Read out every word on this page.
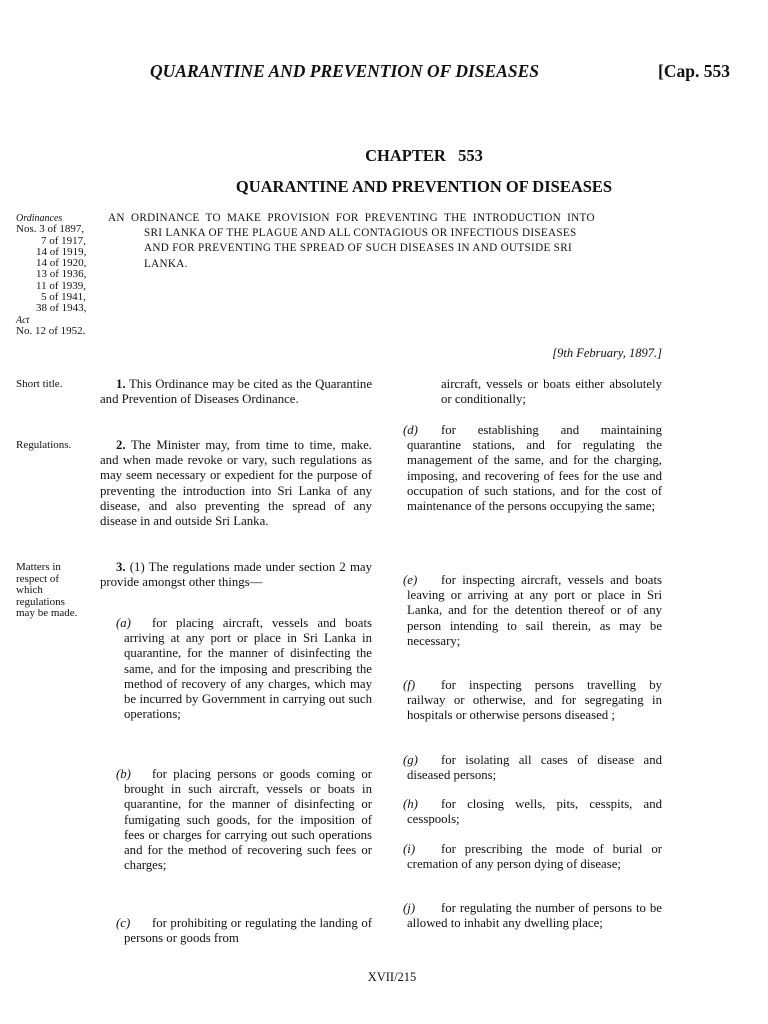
QUARANTINE AND PREVENTION OF DISEASES	[Cap. 553
CHAPTER   553
QUARANTINE AND PREVENTION OF DISEASES
Ordinances
Nos. 3 of 1897,
7 of 1917,
14 of 1919,
14 of 1920,
13 of 1936,
11 of 1939,
5 of 1941,
38 of 1943,
Act
No. 12 of 1952.
AN  ORDINANCE  TO  MAKE  PROVISION  FOR  PREVENTING  THE  INTRODUCTION  INTO
SRI LANKA OF THE PLAGUE AND ALL CONTAGIOUS OR INFECTIOUS DISEASES
AND FOR PREVENTING THE SPREAD OF SUCH DISEASES IN AND OUTSIDE SRI
LANKA.
[9th February, 1897.]
Short title.
Regulations.
Matters in
respect of
which
regulations
may be made.

1. This Ordinance may be cited as the Quarantine and Prevention of Diseases Ordinance.

2. The Minister may, from time to time, make. and when made revoke or vary, such regulations as may seem necessary or expedient for the purpose of preventing the introduction into Sri Lanka of any disease, and also preventing the spread of any disease in and outside Sri Lanka.

3. (1) The regulations made under section 2 may provide amongst other things—

(a)	for placing aircraft, vessels and boats arriving at any port or place in Sri Lanka in quarantine, for the manner of disinfecting the same, and for the imposing and prescribing the method of recovery of any charges, which may be incurred by Government in carrying out such operations;
(b)	for placing persons or goods coming or brought in such aircraft, vessels or boats in quarantine, for the manner of disinfecting or fumigating such goods, for the imposition of fees or charges for carrying out such operations and for the method of recovering such fees or charges;
(c)	for prohibiting or regulating the landing of persons or goods from
aircraft, vessels or boats either absolutely or conditionally;
(d)	for establishing and maintaining quarantine stations, and for regulating the management of the same, and for the charging, imposing, and recovering of fees for the use and occupation of such stations, and for the cost of maintenance of the persons occupying the same;
(e)	for inspecting aircraft, vessels and boats leaving or arriving at any port or place in Sri Lanka, and for the detention thereof or of any person intending to sail therein, as may be necessary;
(f)	for inspecting persons travelling by railway or otherwise, and for segregating in hospitals or otherwise persons diseased ;
(g)	for isolating all cases of disease and diseased persons;
(h)	for closing wells, pits, cesspits, and cesspools;
(i)	for prescribing the mode of burial or cremation of any person dying of disease;
(j)	for regulating the number of persons to be allowed to inhabit any dwelling place;
XVII/215
